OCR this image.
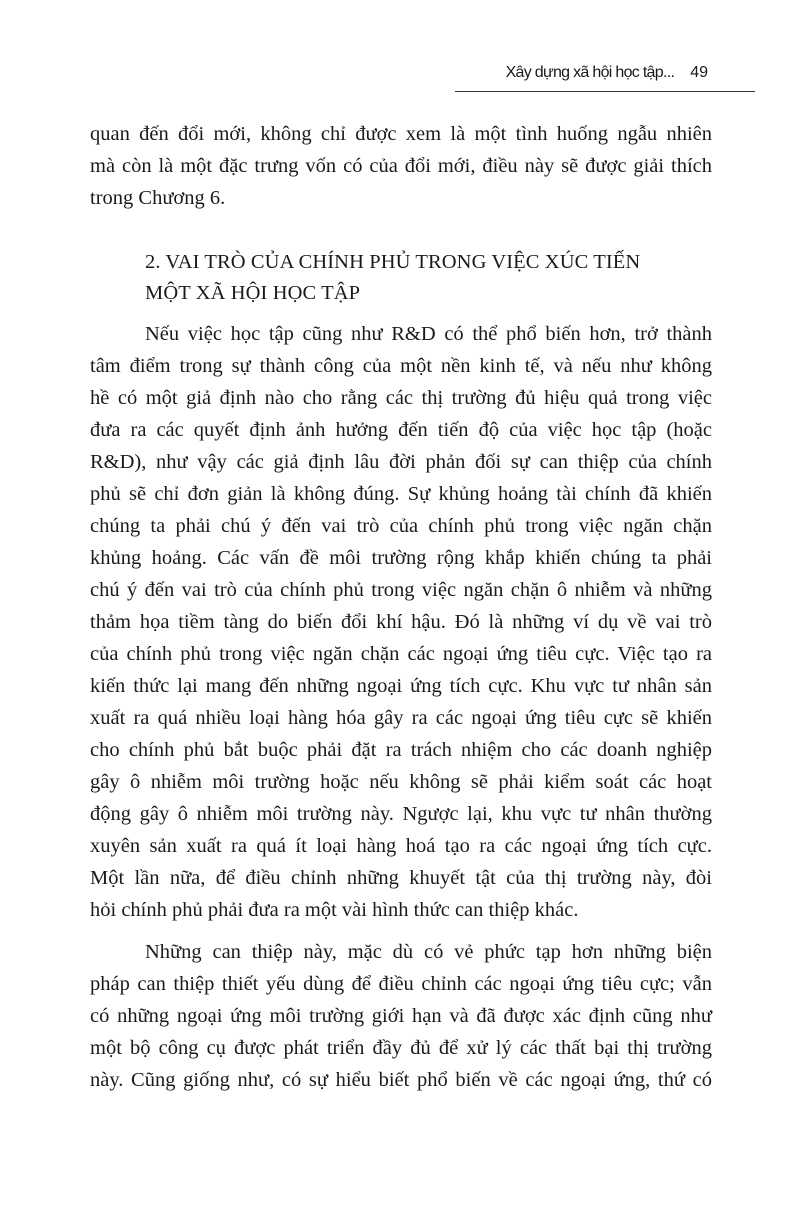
Xây dựng xã hội học tập... 49
quan đến đổi mới, không chỉ được xem là một tình huống ngẫu nhiên
mà còn là một đặc trưng vốn có của đổi mới, điều này sẽ được giải thích
trong Chương 6.
2. VAI TRÒ CỦA CHÍNH PHỦ TRONG VIỆC XÚC TIẾN
MỘT XÃ HỘI HỌC TẬP
Nếu việc học tập cũng như R&D có thể phổ biến hơn, trở thành
tâm điểm trong sự thành công của một nền kinh tế, và nếu như không
hề có một giả định nào cho rằng các thị trường đủ hiệu quả trong việc
đưa ra các quyết định ảnh hưởng đến tiến độ của việc học tập (hoặc
R&D), như vậy các giả định lâu đời phản đối sự can thiệp của chính
phủ sẽ chỉ đơn giản là không đúng. Sự khủng hoảng tài chính đã khiến
chúng ta phải chú ý đến vai trò của chính phủ trong việc ngăn chặn
khủng hoảng. Các vấn đề môi trường rộng khắp khiến chúng ta phải
chú ý đến vai trò của chính phủ trong việc ngăn chặn ô nhiễm và những
thảm họa tiềm tàng do biến đổi khí hậu. Đó là những ví dụ về vai trò
của chính phủ trong việc ngăn chặn các ngoại ứng tiêu cực. Việc tạo ra
kiến thức lại mang đến những ngoại ứng tích cực. Khu vực tư nhân sản
xuất ra quá nhiều loại hàng hóa gây ra các ngoại ứng tiêu cực sẽ khiến
cho chính phủ bắt buộc phải đặt ra trách nhiệm cho các doanh nghiệp
gây ô nhiễm môi trường hoặc nếu không sẽ phải kiểm soát các hoạt
động gây ô nhiễm môi trường này. Ngược lại, khu vực tư nhân thường
xuyên sản xuất ra quá ít loại hàng hoá tạo ra các ngoại ứng tích cực.
Một lần nữa, để điều chỉnh những khuyết tật của thị trường này, đòi
hỏi chính phủ phải đưa ra một vài hình thức can thiệp khác.
Những can thiệp này, mặc dù có vẻ phức tạp hơn những biện
pháp can thiệp thiết yếu dùng để điều chỉnh các ngoại ứng tiêu cực; vẫn
có những ngoại ứng môi trường giới hạn và đã được xác định cũng như
một bộ công cụ được phát triển đầy đủ để xử lý các thất bại thị trường
này. Cũng giống như, có sự hiểu biết phổ biến về các ngoại ứng, thứ có
